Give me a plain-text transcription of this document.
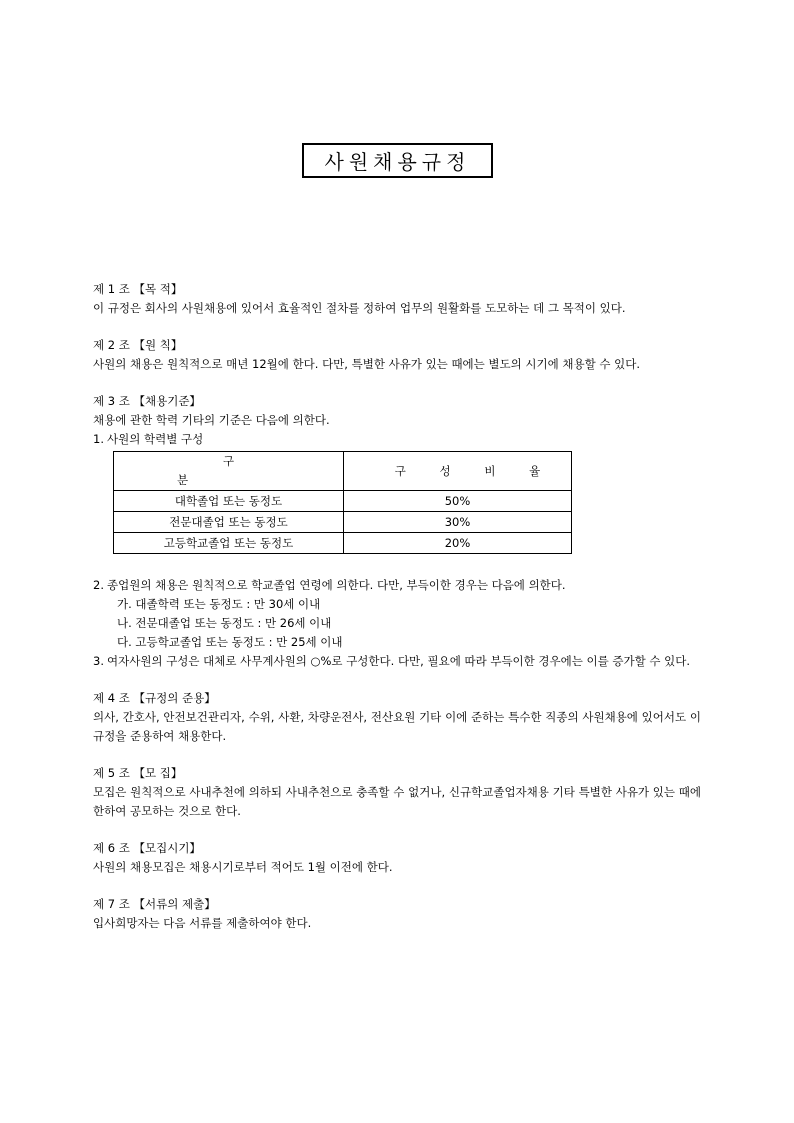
사원채용규정
제 1 조 【목 적】
이 규정은 회사의 사원채용에 있어서 효율적인 절차를 정하여 업무의 원활화를 도모하는 데 그 목적이 있다.
제 2 조 【원 칙】
사원의 채용은 원칙적으로 매년 12월에 한다. 다만, 특별한 사유가 있는 때에는 별도의 시기에 채용할 수 있다.
제 3 조 【채용기준】
채용에 관한 학력 기타의 기준은 다음에 의한다.
1. 사원의 학력별 구성
구분	구 성 비 율
대학졸업 또는 동정도	50%
전문대졸업 또는 동정도	30%
고등학교졸업 또는 동정도	20%
2. 종업원의 채용은 원칙적으로 학교졸업 연령에 의한다. 다만, 부득이한 경우는 다음에 의한다.
가. 대졸학력 또는 동정도 : 만 30세 이내
나. 전문대졸업 또는 동정도 : 만 26세 이내
다. 고등학교졸업 또는 동정도 : 만 25세 이내
3. 여자사원의 구성은 대체로 사무계사원의 ○%로 구성한다. 다만, 필요에 따라 부득이한 경우에는 이를 증가할 수 있다.
제 4 조 【규정의 준용】
의사, 간호사, 안전보건관리자, 수위, 사환, 차량운전사, 전산요원 기타 이에 준하는 특수한 직종의 사원채용에 있어서도 이 규정을 준용하여 채용한다.
제 5 조 【모 집】
모집은 원칙적으로 사내추천에 의하되 사내추천으로 충족할 수 없거나, 신규학교졸업자채용 기타 특별한 사유가 있는 때에 한하여 공모하는 것으로 한다.
제 6 조 【모집시기】
사원의 채용모집은 채용시기로부터 적어도 1월 이전에 한다.
제 7 조 【서류의 제출】
입사희망자는 다음 서류를 제출하여야 한다.
